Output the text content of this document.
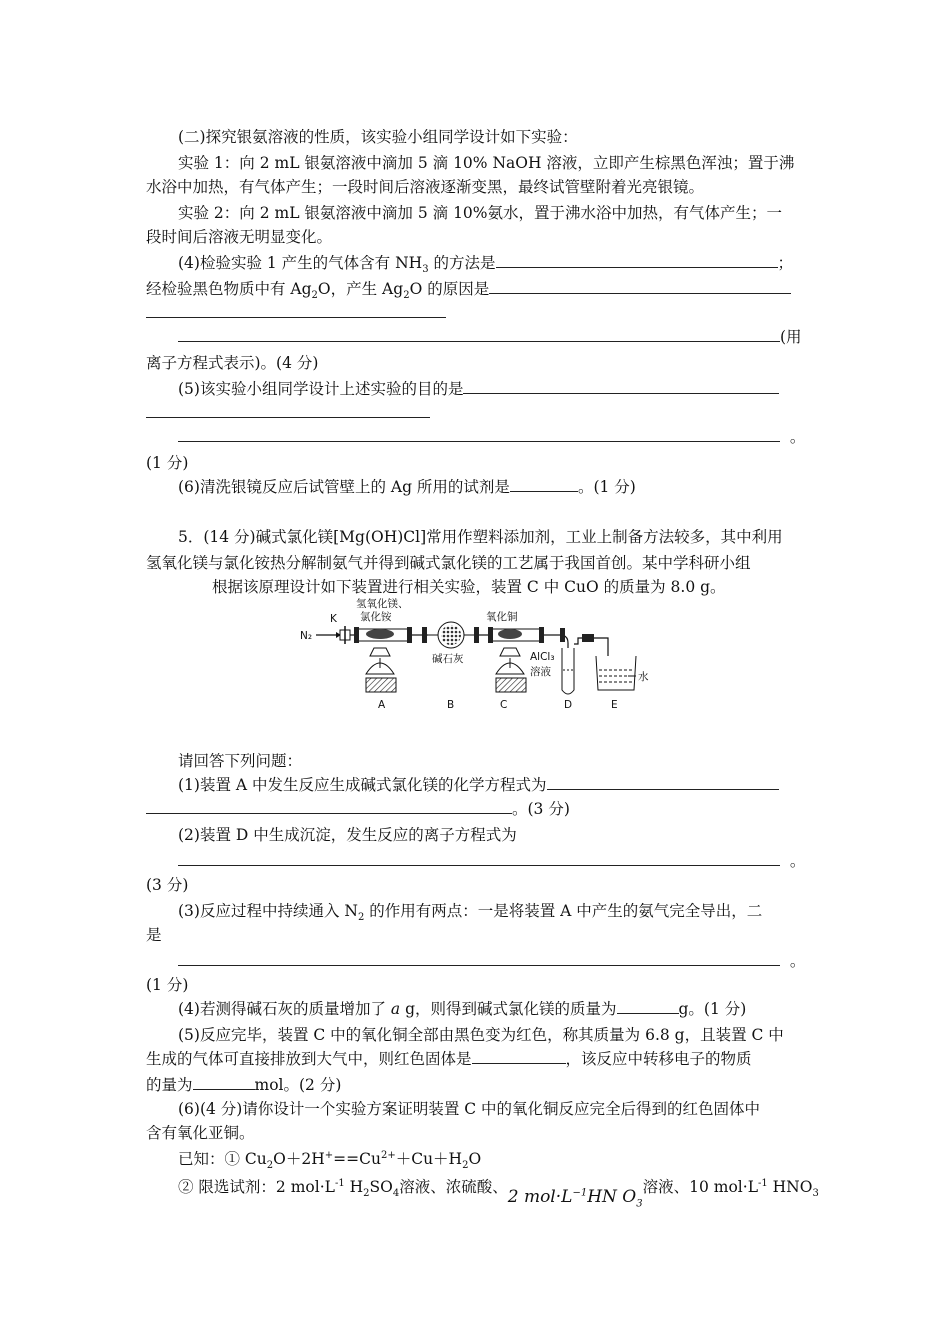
(二)探究银氨溶液的性质，该实验小组同学设计如下实验：
实验 1：向 2 mL 银氨溶液中滴加 5 滴 10% NaOH 溶液，立即产生棕黑色浑浊；置于沸
水浴中加热，有气体产生；一段时间后溶液逐渐变黑，最终试管壁附着光亮银镜。
实验 2：向 2 mL 银氨溶液中滴加 5 滴 10%氨水，置于沸水浴中加热，有气体产生；一
段时间后溶液无明显变化。
(4)检验实验 1 产生的气体含有 $NH_3$ 的方法是	；
经检验黑色物质中有 $Ag_2O$，产生 $Ag_2O$ 的原因是
(用
离子方程式表示)。(4 分)
(5)该实验小组同学设计上述实验的目的是
。
(1 分)
(6)清洗银镜反应后试管壁上的 Ag 所用的试剂是	。(1 分)
5．(14 分)碱式氯化镁[Mg(OH)Cl]常用作塑料添加剂，工业上制备方法较多，其中利用
氢氧化镁与氯化铵热分解制氨气并得到碱式氯化镁的工艺属于我国首创。某中学科研小组
根据该原理设计如下装置进行相关实验，装置 C 中 CuO 的质量为 8.0 g。
N₂
K
氢氧化镁、
氯化铵
A
碱石灰
B
氧化铜
C
AlCl₃
溶液
D
水
E
请回答下列问题：
(1)装置 A 中发生反应生成碱式氯化镁的化学方程式为
。(3 分)
(2)装置 D 中生成沉淀，发生反应的离子方程式为
。
(3 分)
(3)反应过程中持续通入 $N_2$ 的作用有两点：一是将装置 A 中产生的氨气完全导出，二
是
。
(1 分)
(4)若测得碱石灰的质量增加了 a g，则得到碱式氯化镁的质量为	g。(1 分)
(5)反应完毕，装置 C 中的氧化铜全部由黑色变为红色，称其质量为 6.8 g，且装置 C 中
生成的气体可直接排放到大气中，则红色固体是	，该反应中转移电子的物质
的量为	mol。(2 分)
(6)(4 分)请你设计一个实验方案证明装置 C 中的氧化铜反应完全后得到的红色固体中
含有氧化亚铜。
已知：① $Cu_2O+2H^+==Cu^{2+}+Cu+H_2O$
② 限选试剂：2 $mol\cdot L^{-1}$ $H_2SO_4$溶液、浓硫酸、2 $mol\cdot L^{-1}HN$ $O_3$溶液、10 $mol\cdot L^{-1}$ $HNO_3$
